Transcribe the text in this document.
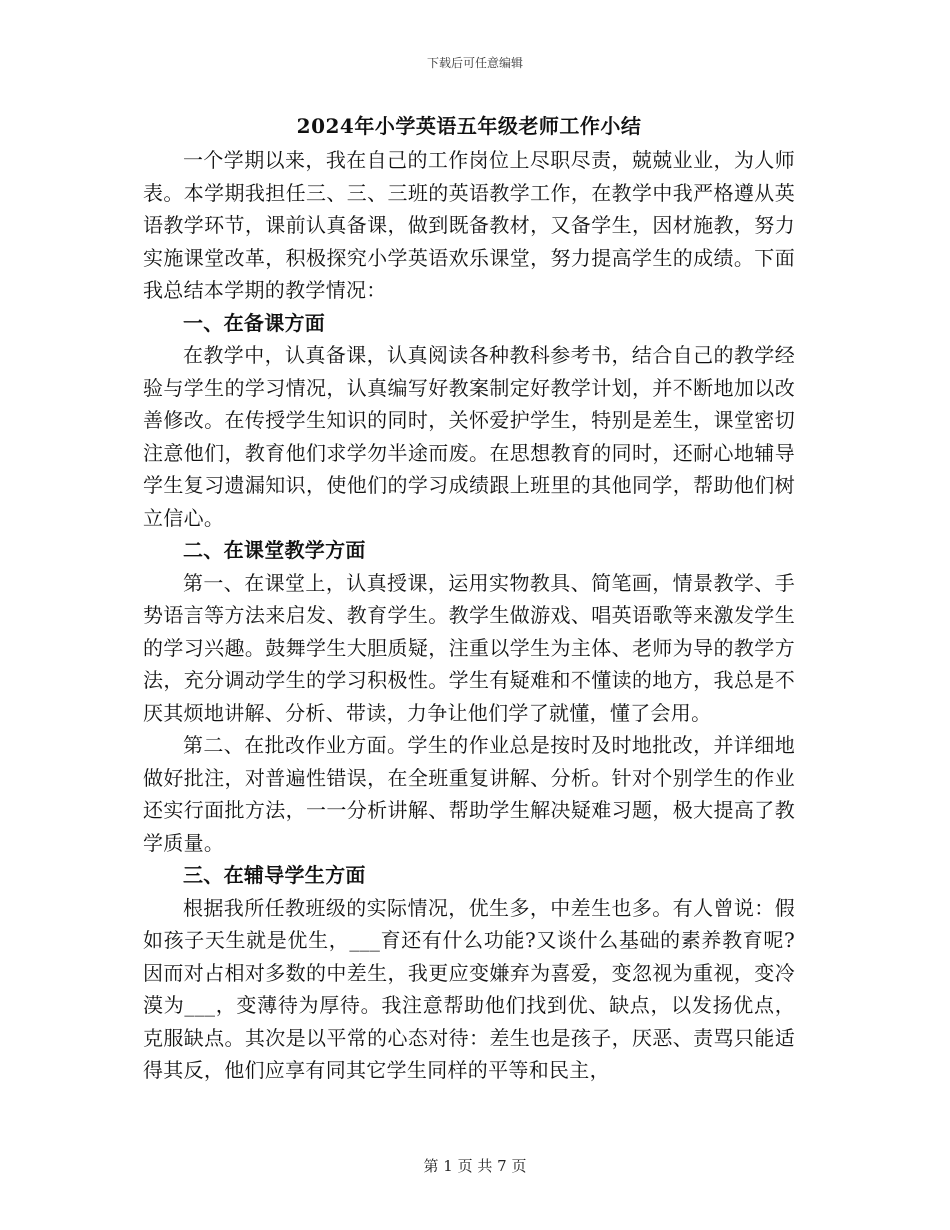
下载后可任意编辑
2024年小学英语五年级老师工作小结

一个学期以来，我在自己的工作岗位上尽职尽责，兢兢业业，为人师表。本学期我担任三、三、三班的英语教学工作，在教学中我严格遵从英语教学环节，课前认真备课，做到既备教材，又备学生，因材施教，努力实施课堂改革，积极探究小学英语欢乐课堂，努力提高学生的成绩。下面我总结本学期的教学情况：

一、在备课方面

在教学中，认真备课，认真阅读各种教科参考书，结合自己的教学经验与学生的学习情况，认真编写好教案制定好教学计划，并不断地加以改善修改。在传授学生知识的同时，关怀爱护学生，特别是差生，课堂密切注意他们，教育他们求学勿半途而废。在思想教育的同时，还耐心地辅导学生复习遗漏知识，使他们的学习成绩跟上班里的其他同学，帮助他们树立信心。

二、在课堂教学方面

第一、在课堂上，认真授课，运用实物教具、简笔画，情景教学、手势语言等方法来启发、教育学生。教学生做游戏、唱英语歌等来激发学生的学习兴趣。鼓舞学生大胆质疑，注重以学生为主体、老师为导的教学方法，充分调动学生的学习积极性。学生有疑难和不懂读的地方，我总是不厌其烦地讲解、分析、带读，力争让他们学了就懂，懂了会用。

第二、在批改作业方面。学生的作业总是按时及时地批改，并详细地做好批注，对普遍性错误，在全班重复讲解、分析。针对个别学生的作业还实行面批方法，一一分析讲解、帮助学生解决疑难习题，极大提高了教学质量。

三、在辅导学生方面

根据我所任教班级的实际情况，优生多，中差生也多。有人曾说：假如孩子天生就是优生，___育还有什么功能?又谈什么基础的素养教育呢?因而对占相对多数的中差生，我更应变嫌弃为喜爱，变忽视为重视，变冷漠为___，变薄待为厚待。我注意帮助他们找到优、缺点，以发扬优点，克服缺点。其次是以平常的心态对待：差生也是孩子，厌恶、责骂只能适得其反，他们应享有同其它学生同样的平等和民主，

第 1 页 共 7 页
